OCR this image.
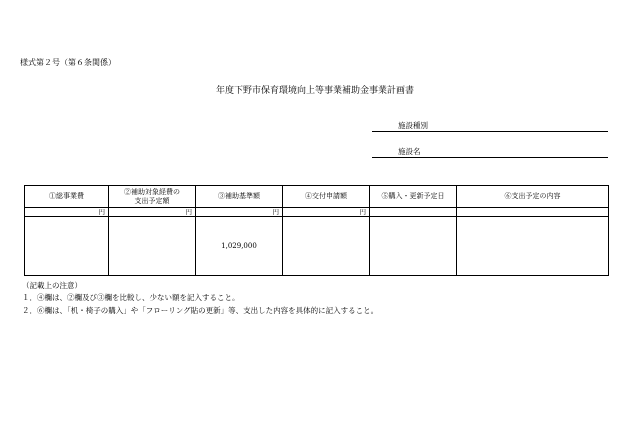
様式第２号（第６条関係）
年度下野市保育環境向上等事業補助金事業計画書
施設種別
施設名
①総事業費	②補助対象経費の支出予定額	③補助基準額	④交付申請額	⑤購入・更新予定日	⑥支出予定の内容
円	円	円	円		
		1,029,000			
（記載上の注意）
１．④欄は、②欄及び③欄を比較し、少ない額を記入すること。
２．⑥欄は、「机・椅子の購入」や「フローリング貼の更新」等、支出した内容を具体的に記入すること。
